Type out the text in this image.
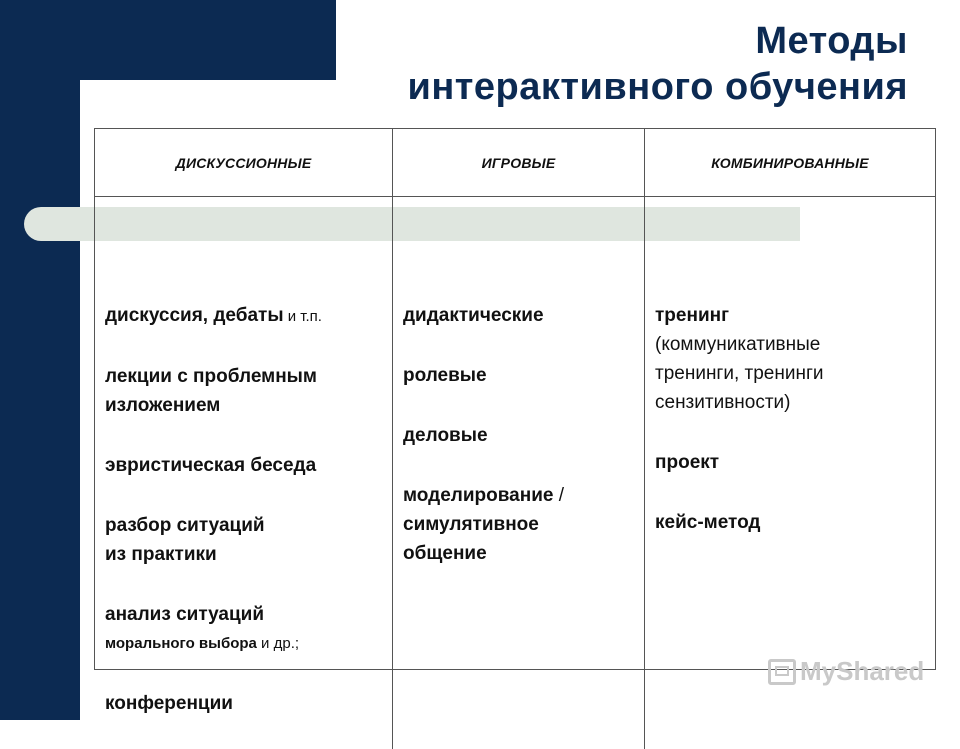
Методы
интерактивного обучения
ДИСКУССИОННЫЕ	ИГРОВЫЕ	КОМБИНИРОВАННЫЕ
дискуссия, дебаты и т.п.
лекции с проблемным
изложением
эвристическая беседа
разбор ситуаций
из практики
анализ ситуаций
морального выбора и др.;
конференции
дидактические
ролевые
деловые
моделирование /
симулятивное
общение
тренинг
(коммуникативные тренинги, тренинги сензитивности)
проект
кейс-метод
MyShared
